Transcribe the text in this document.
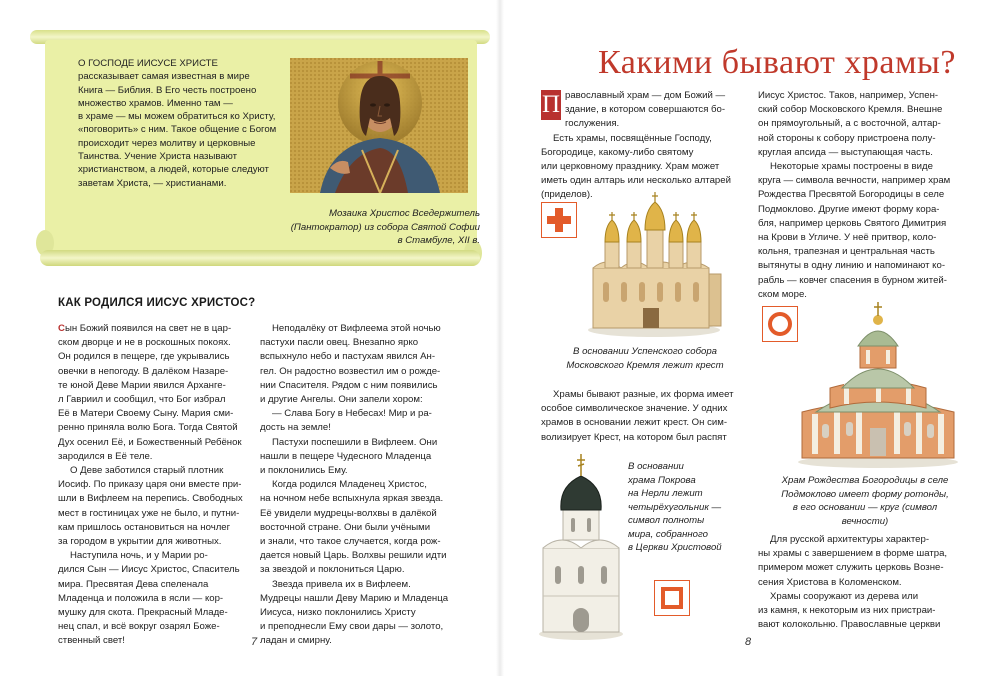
О ГОСПОДЕ ИИСУСЕ ХРИСТЕ
рассказывает самая известная в мире
Книга — Библия. В Его честь построено
множество храмов. Именно там —
в храме — мы можем обратиться ко Христу,
«поговорить» с ним. Такое общение с Богом
происходит через молитву и церковные
Таинства. Учение Христа называют
христианством, а людей, которые следуют
заветам Христа, — христианами.
Мозаика Христос Вседержитель
(Пантократор) из собора Святой Софии
в Стамбуле, XII в.
КАК РОДИЛСЯ ИИСУС ХРИСТОС?
Сын Божий появился на свет не в цар-
ском дворце и не в роскошных покоях.
Он родился в пещере, где укрывались
овечки в непогоду. В далёком Назаре-
те юной Деве Марии явился Арханге-
л Гавриил и сообщил, что Бог избрал
Её в Матери Своему Сыну. Мария сми-
ренно приняла волю Бога. Тогда Святой
Дух осенил Её, и Божественный Ребёнок
зародился в Её теле.
О Деве заботился старый плотник
Иосиф. По приказу царя они вместе при-
шли в Вифлеем на перепись. Свободных
мест в гостиницах уже не было, и путни-
кам пришлось остановиться на ночлег
за городом в укрытии для животных.
Наступила ночь, и у Марии ро-
дился Сын — Иисус Христос, Спаситель
мира. Пресвятая Дева спеленала
Младенца и положила в ясли — кор-
мушку для скота. Прекрасный Младе-
нец спал, и всё вокруг озарял Боже-
ственный свет!
Неподалёку от Вифлеема этой ночью
пастухи пасли овец. Внезапно ярко
вспыхнуло небо и пастухам явился Ан-
гел. Он радостно возвестил им о рожде-
нии Спасителя. Рядом с ним появились
и другие Ангелы. Они запели хором:
— Слава Богу в Небесах! Мир и ра-
дость на земле!
Пастухи поспешили в Вифлеем. Они
нашли в пещере Чудесного Младенца
и поклонились Ему.
Когда родился Младенец Христос,
на ночном небе вспыхнула яркая звезда.
Её увидели мудрецы-волхвы в далёкой
восточной стране. Они были учёными
и знали, что такое случается, когда рож-
дается новый Царь. Волхвы решили идти
за звездой и поклониться Царю.
Звезда привела их в Вифлеем.
Мудрецы нашли Деву Марию и Младенца
Иисуса, низко поклонились Христу
и преподнесли Ему свои дары — золото,
ладан и смирну.
7
Какими бывают храмы?
П равославный храм — дом Божий —
здание, в котором совершаются бо-
гослужения.
Есть храмы, посвящённые Господу,
Богородице, какому-либо святому
или церковному празднику. Храм может
иметь один алтарь или несколько алтарей
(приделов).
В основании Успенского собора
Московского Кремля лежит крест
Храмы бывают разные, их форма имеет
особое символическое значение. У одних
храмов в основании лежит крест. Он сим-
волизирует Крест, на котором был распят
В основании
храма Покрова
на Нерли лежит
четырёхугольник —
символ полноты
мира, собранного
в Церкви Христовой
Иисус Христос. Таков, например, Успен-
ский собор Московского Кремля. Внешне
он прямоугольный, а с восточной, алтар-
ной стороны к собору пристроена полу-
круглая апсида — выступающая часть.
Некоторые храмы построены в виде
круга — символа вечности, например храм
Рождества Пресвятой Богородицы в селе
Подмоклово. Другие имеют форму кора-
бля, например церковь Святого Димитрия
на Крови в Угличе. У неё притвор, коло-
кольня, трапезная и центральная часть
вытянуты в одну линию и напоминают ко-
рабль — ковчег спасения в бурном житей-
ском море.
Храм Рождества Богородицы в селе
Подмоклово имеет форму ротонды,
в его основании — круг (символ вечности)
Для русской архитектуры характер-
ны храмы с завершением в форме шатра,
примером может служить церковь Возне-
сения Христова в Коломенском.
Храмы сооружают из дерева или
из камня, к некоторым из них пристраи-
вают колокольню. Православные церкви
8
